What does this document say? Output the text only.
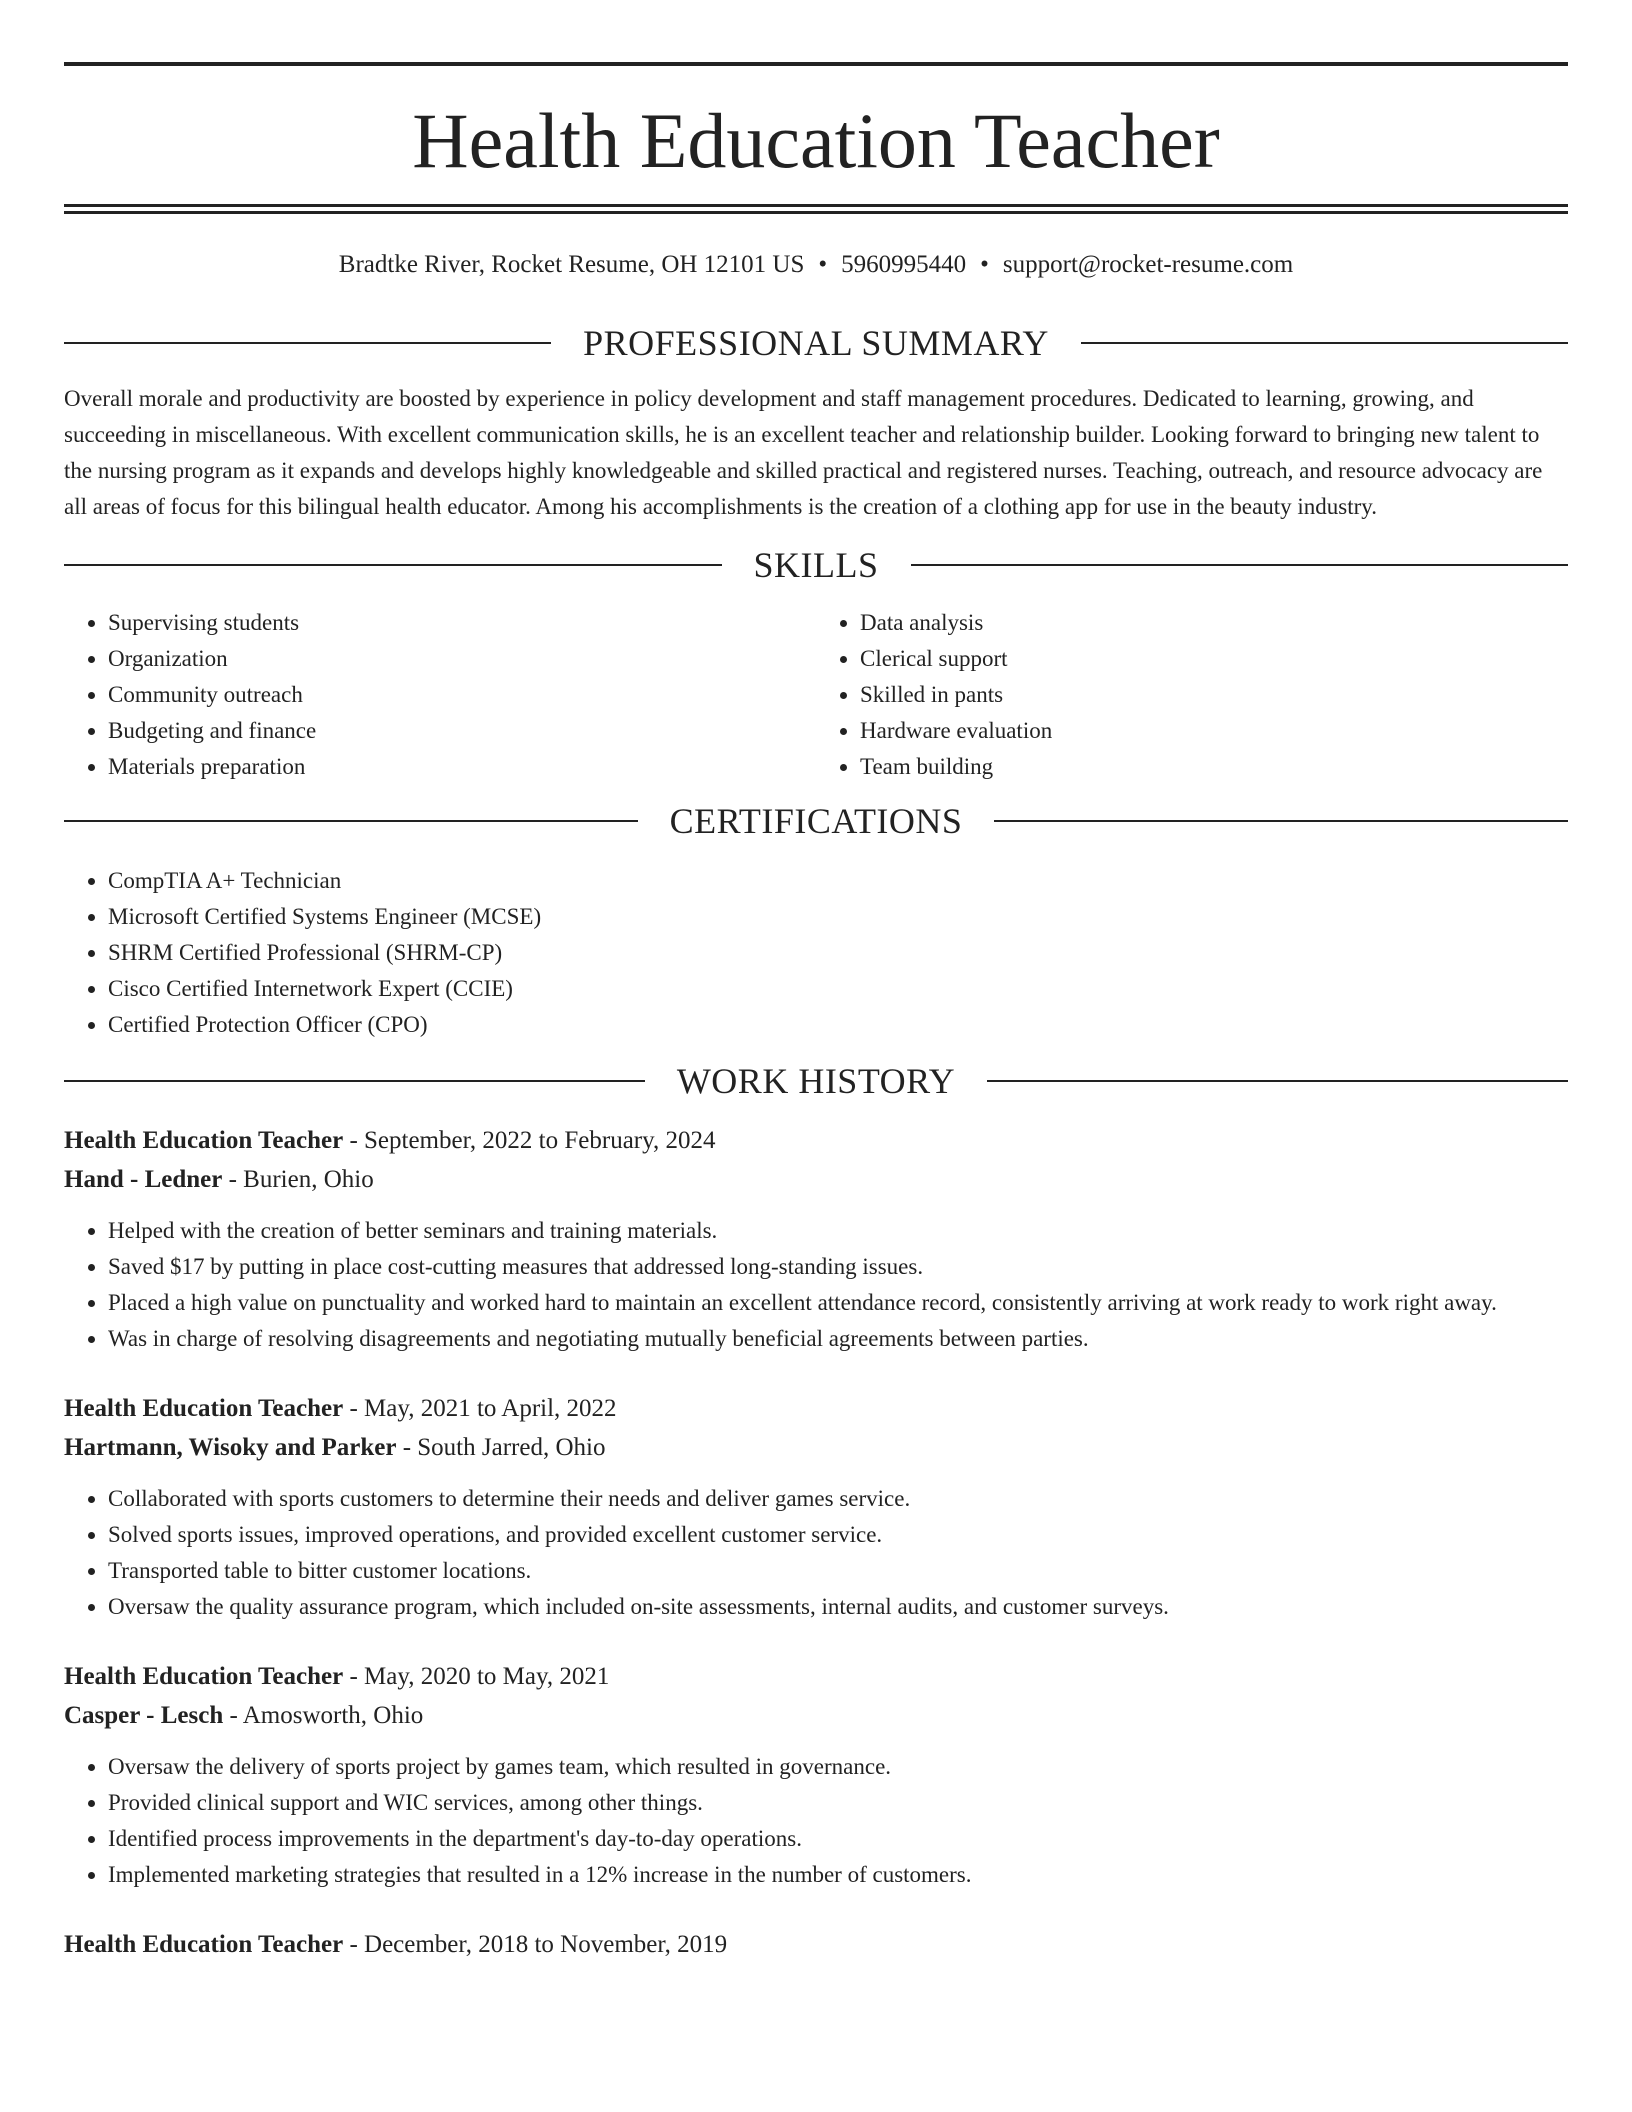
Health Education Teacher
Bradtke River, Rocket Resume, OH 12101 US • 5960995440 • support@rocket-resume.com
PROFESSIONAL SUMMARY

Overall morale and productivity are boosted by experience in policy development and staff management procedures. Dedicated to learning, growing, and succeeding in miscellaneous. With excellent communication skills, he is an excellent teacher and relationship builder. Looking forward to bringing new talent to the nursing program as it expands and develops highly knowledgeable and skilled practical and registered nurses. Teaching, outreach, and resource advocacy are all areas of focus for this bilingual health educator. Among his accomplishments is the creation of a clothing app for use in the beauty industry.

SKILLS
• Supervising students
• Organization
• Community outreach
• Budgeting and finance
• Materials preparation
• Data analysis
• Clerical support
• Skilled in pants
• Hardware evaluation
• Team building
CERTIFICATIONS
• CompTIA A+ Technician
• Microsoft Certified Systems Engineer (MCSE)
• SHRM Certified Professional (SHRM-CP)
• Cisco Certified Internetwork Expert (CCIE)
• Certified Protection Officer (CPO)
WORK HISTORY
Health Education Teacher - September, 2022 to February, 2024
Hand - Ledner - Burien, Ohio
• Helped with the creation of better seminars and training materials.
• Saved $17 by putting in place cost-cutting measures that addressed long-standing issues.
• Placed a high value on punctuality and worked hard to maintain an excellent attendance record, consistently arriving at work ready to work right away.
• Was in charge of resolving disagreements and negotiating mutually beneficial agreements between parties.
Health Education Teacher - May, 2021 to April, 2022
Hartmann, Wisoky and Parker - South Jarred, Ohio
• Collaborated with sports customers to determine their needs and deliver games service.
• Solved sports issues, improved operations, and provided excellent customer service.
• Transported table to bitter customer locations.
• Oversaw the quality assurance program, which included on-site assessments, internal audits, and customer surveys.
Health Education Teacher - May, 2020 to May, 2021
Casper - Lesch - Amosworth, Ohio
• Oversaw the delivery of sports project by games team, which resulted in governance.
• Provided clinical support and WIC services, among other things.
• Identified process improvements in the department's day-to-day operations.
• Implemented marketing strategies that resulted in a 12% increase in the number of customers.
Health Education Teacher - December, 2018 to November, 2019
